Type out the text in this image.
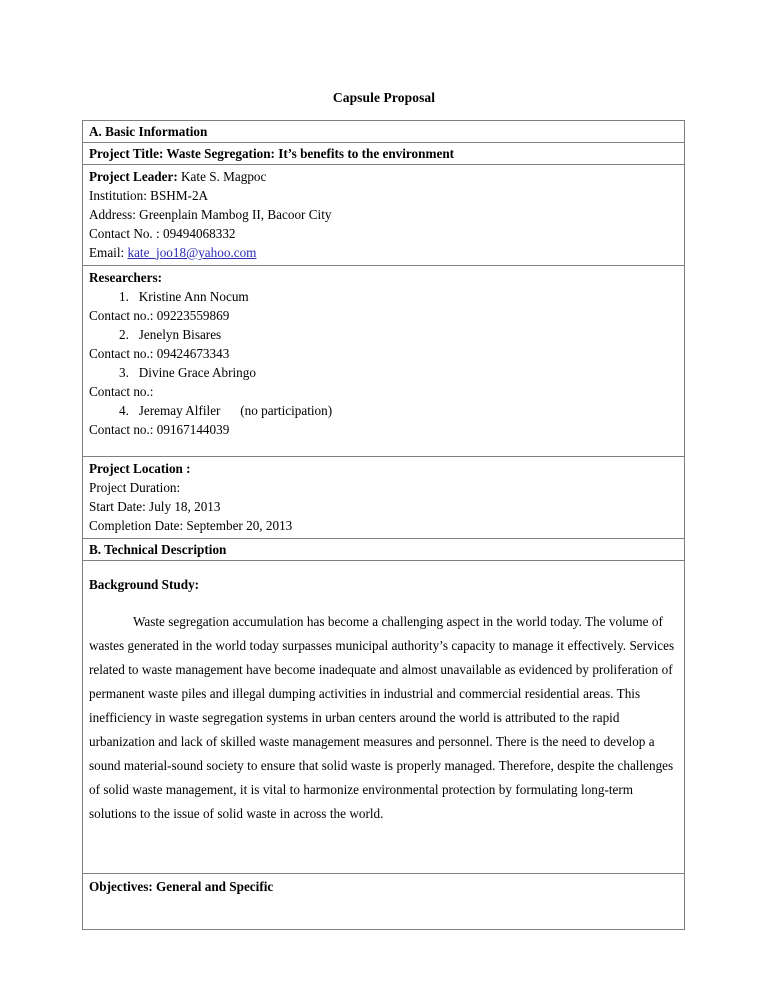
Capsule Proposal
A. Basic Information

Project Title: Waste Segregation: It’s benefits to the environment

Project Leader: Kate S. Magpoc
Institution: BSHM-2A
Address: Greenplain Mambog II, Bacoor City
Contact No. : 09494068332
Email: kate_joo18@yahoo.com

Researchers:
1. Kristine Ann Nocum
Contact no.: 09223559869
2. Jenelyn Bisares
Contact no.: 09424673343
3. Divine Grace Abringo
Contact no.:
4. Jeremay Alfiler (no participation)
Contact no.: 09167144039

Project Location :
Project Duration:
Start Date: July 18, 2013
Completion Date: September 20, 2013

B. Technical Description

Background Study:

Waste segregation accumulation has become a challenging aspect in the world today. The volume of wastes generated in the world today surpasses municipal authority’s capacity to manage it effectively. Services related to waste management have become inadequate and almost unavailable as evidenced by proliferation of permanent waste piles and illegal dumping activities in industrial and commercial residential areas. This inefficiency in waste segregation systems in urban centers around the world is attributed to the rapid urbanization and lack of skilled waste management measures and personnel. There is the need to develop a sound material-sound society to ensure that solid waste is properly managed. Therefore, despite the challenges of solid waste management, it is vital to harmonize environmental protection by formulating long-term solutions to the issue of solid waste in across the world.

Objectives: General and Specific
